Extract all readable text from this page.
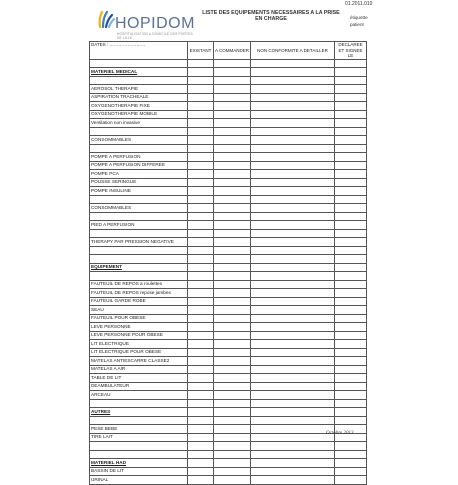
HOPIDOM
HOSPITALISATION A DOMICILE DES PORTES DE LILLE
LISTE DES EQUIPEMENTS NECESSAIRES A LA PRISE EN CHARGE
01.2011.010
étiquette patient
DATES : ……………………	EXISTANT	A COMMANDER	NON CONFORMITE A DETAILLER	DECLAREE ET SIGNEE LE

MATERIEL MEDICAL				

AEROSOL THERAPIE				
ASPIRATION TRACHEALE				
OXYGENOTHERAPIE FIXE				
OXYGENOTHERAPIE MOBILE				
Ventilation non invasive				

CONSOMMABLES				

POMPE A PERFUSION				
POMPE A PERFUSION DIFFEREE				
POMPE PCA				
POUSSE SERINGUE				
POMPE INSULINE				

CONSOMMABLES				

PIED A PERFUSION				

THERAPY PAR PRESSION NEGATIVE				

EQUIPEMENT				

FAUTEUIL DE REPOS a roulettes				
FAUTEUIL DE REPOS repose jambes				
FAUTEUIL GARDE ROBE				
SEAU				
FAUTEUIL POUR OBESE				
LEVE PERSONNE				
LEVE PERSONNE POUR OBESE				
LIT ELECTRIQUE				
LIT ELECTRIQUE POUR OBESE				
MATELAS ANTIESCARRE CLASSE2				
MATELAS A AIR				
TABLE DE LIT				
DEAMBULATEUR				
ARCEAU				

AUTRES				

PESE BEBE				
TIRE LAIT				

MATERIEL HAD				
BASSIN DE LIT				
URINAL				
Octobre 2013
